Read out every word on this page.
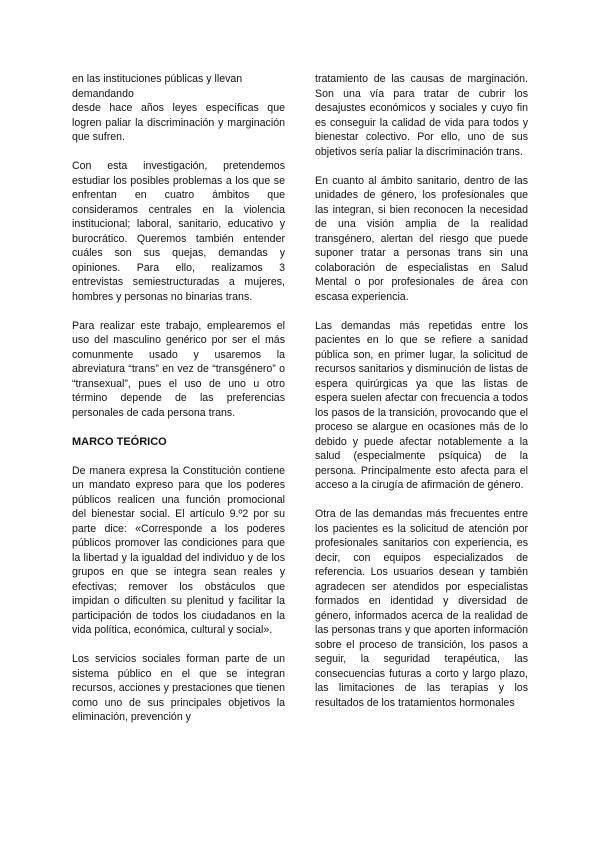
en las instituciones públicas y llevan demandando

desde hace años leyes específicas que logren paliar la discriminación y marginación que sufren.

Con esta investigación, pretendemos estudiar los posibles problemas a los que se enfrentan en cuatro ámbitos que consideramos centrales en la violencia institucional; laboral, sanitario, educativo y burocrático. Queremos también entender cuáles son sus quejas, demandas y opiniones. Para ello, realizamos 3 entrevistas semiestructuradas a mujeres, hombres y personas no binarias trans.

Para realizar este trabajo, emplearemos el uso del masculino genérico por ser el más comunmente usado y usaremos la abreviatura “trans” en vez de “transgénero” o “transexual”, pues el uso de uno u otro término depende de las preferencias personales de cada persona trans.

MARCO TEÓRICO

De manera expresa la Constitución contiene un mandato expreso para que los poderes públicos realicen una función promocional del bienestar social. El artículo 9.º2 por su parte dice: «Corresponde a los poderes públicos promover las condiciones para que la libertad y la igualdad del individuo y de los grupos en que se integra sean reales y efectivas; remover los obstáculos que impidan o dificulten su plenitud y facilitar la participación de todos los ciudadanos en la vida política, económica, cultural y social».

Los servicios sociales forman parte de un sistema público en el que se integran recursos, acciones y prestaciones que tienen como uno de sus principales objetivos la eliminación, prevención y

tratamiento de las causas de marginación. Son una vía para tratar de cubrir los desajustes económicos y sociales y cuyo fin es conseguir la calidad de vida para todos y bienestar colectivo. Por ello, uno de sus objetivos sería paliar la discriminación trans.

En cuanto al ámbito sanitario, dentro de las unidades de género, los profesionales que las integran, si bien reconocen la necesidad de una visión amplia de la realidad transgénero, alertan del riesgo que puede suponer tratar a personas trans sin una colaboración de especialistas en Salud Mental o por profesionales de área con escasa experiencia.

Las demandas más repetidas entre los pacientes en lo que se refiere a sanidad pública son, en primer lugar, la solicitud de recursos sanitarios y disminución de listas de espera quirúrgicas ya que las listas de espera suelen afectar con frecuencia a todos los pasos de la transición, provocando que el proceso se alargue en ocasiones más de lo debido y puede afectar notablemente a la salud (especialmente psíquica) de la persona. Principalmente esto afecta para el acceso a la cirugía de afirmación de género.

Otra de las demandas más frecuentes entre los pacientes es la solicitud de atención por profesionales sanitarios con experiencia, es decir, con equipos especializados de referencia. Los usuarios desean y también agradecen ser atendidos por especialistas formados en identidad y diversidad de género, informados acerca de la realidad de las personas trans y que aporten información sobre el proceso de transición, los pasos a seguir, la seguridad terapéutica, las consecuencias futuras a corto y largo plazo, las limitaciones de las terapias y los resultados de los tratamientos hormonales
